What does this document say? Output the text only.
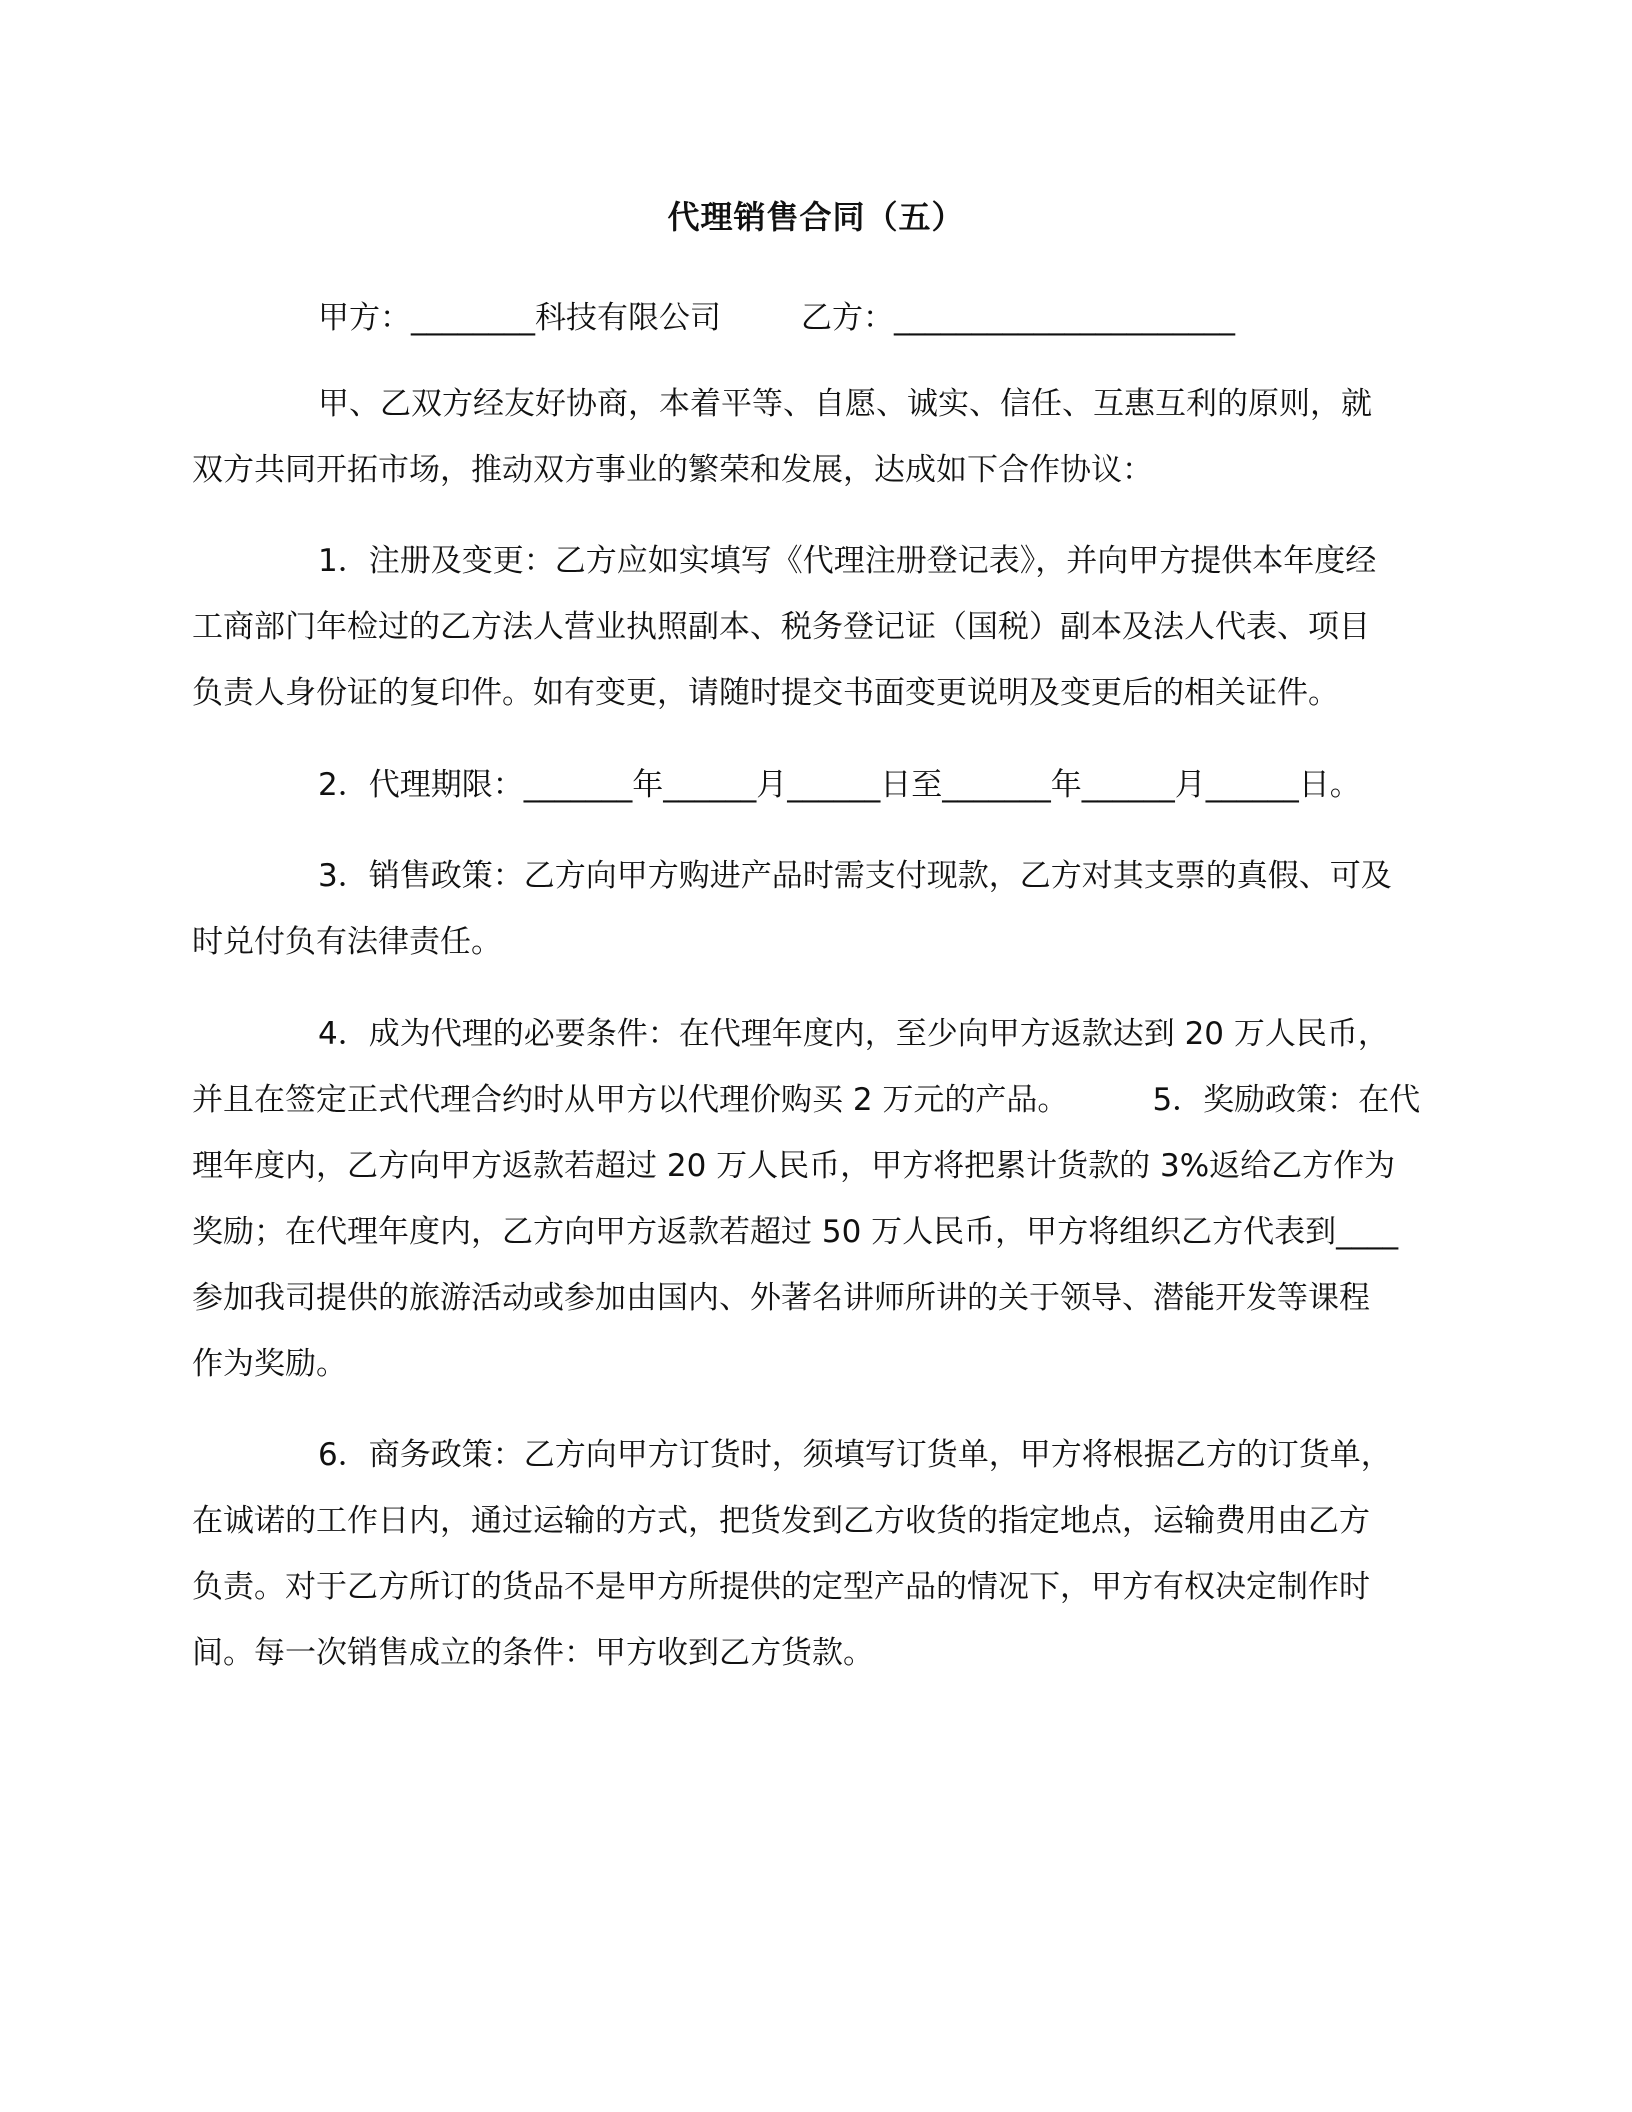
代理销售合同（五）
甲方：________科技有限公司	乙方：______________________
甲、乙双方经友好协商，本着平等、自愿、诚实、信任、互惠互利的原则，就
双方共同开拓市场，推动双方事业的繁荣和发展，达成如下合作协议：
1．注册及变更：乙方应如实填写《代理注册登记表》，并向甲方提供本年度经
工商部门年检过的乙方法人营业执照副本、税务登记证（国税）副本及法人代表、项目
负责人身份证的复印件。如有变更，请随时提交书面变更说明及变更后的相关证件。
2．代理期限：_______年______月______日至_______年______月______日。
3．销售政策：乙方向甲方购进产品时需支付现款，乙方对其支票的真假、可及
时兑付负有法律责任。
4．成为代理的必要条件：在代理年度内，至少向甲方返款达到 20 万人民币，
并且在签定正式代理合约时从甲方以代理价购买 2 万元的产品。	5．奖励政策：在代
理年度内，乙方向甲方返款若超过 20 万人民币，甲方将把累计货款的 3%返给乙方作为
奖励；在代理年度内，乙方向甲方返款若超过 50 万人民币，甲方将组织乙方代表到____
参加我司提供的旅游活动或参加由国内、外著名讲师所讲的关于领导、潜能开发等课程
作为奖励。
6．商务政策：乙方向甲方订货时，须填写订货单，甲方将根据乙方的订货单，
在诚诺的工作日内，通过运输的方式，把货发到乙方收货的指定地点，运输费用由乙方
负责。对于乙方所订的货品不是甲方所提供的定型产品的情况下，甲方有权决定制作时
间。每一次销售成立的条件：甲方收到乙方货款。
